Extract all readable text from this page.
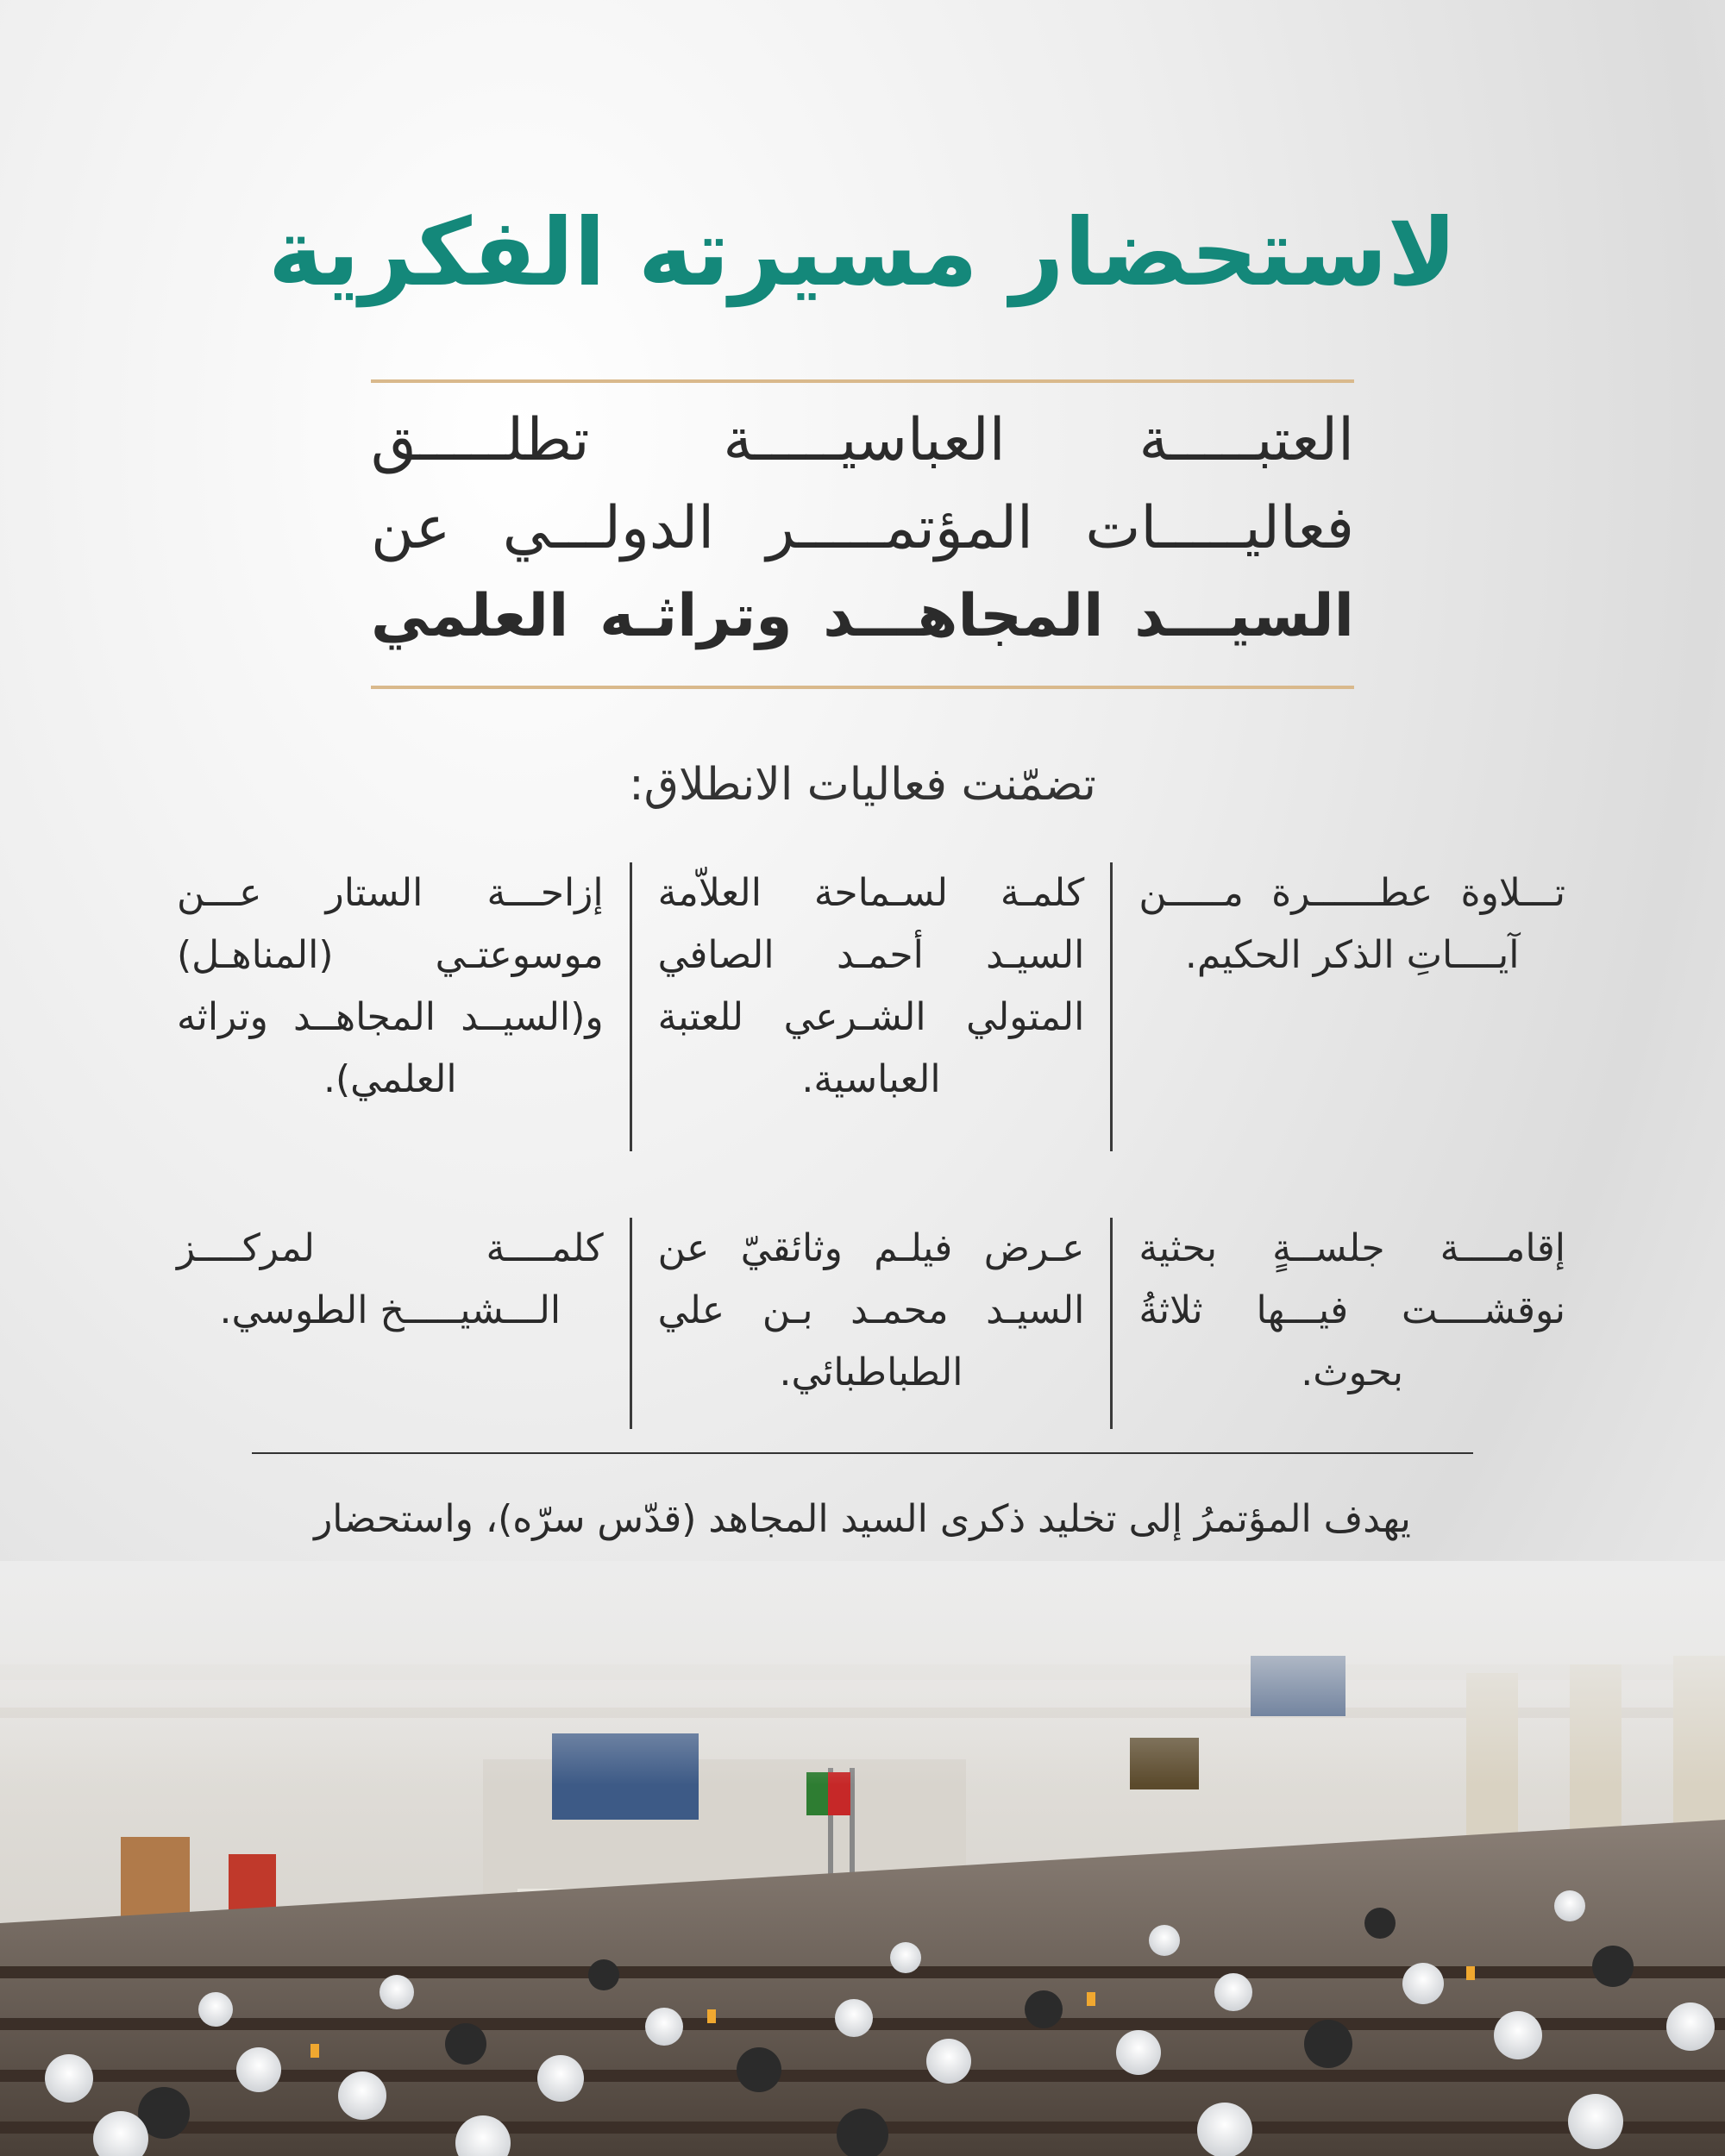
لاستحضار مسيرته الفكرية
العتبـــــة العباسيـــــة تطلـــــق
فعاليـــــات المؤتمـــــر الدولـــي عن
السيـــد المجاهـــد وتراثـه العلمي
تضمّنت فعاليات الانطلاق:
تـــلاوة عطــــــرة مـــــن آيــــاتِ الذكر الحكيم.
كلمـة لسـماحة العلاّمة السيـد أحمـد الصافي المتولي الشـرعي للعتبة العباسية.
إزاحـــة الستار عـــن موسوعتـي (المناهـل) و(السيــد المجاهــد وتراثه العلمي).
إقامــــة جلســةٍ بحثية نوقشــــت فيـــها ثلاثةُ بحوث.
عـرض فيلـم وثائقيّ عن السيـد محمـد بـن علي الطباطبائي.
كلمــــة لمركــــز الـــشيـــــخ الطوسي.
يهدف المؤتمرُ إلى تخليد ذكرى السيد المجاهد (قدّس سرّه)، واستحضار
